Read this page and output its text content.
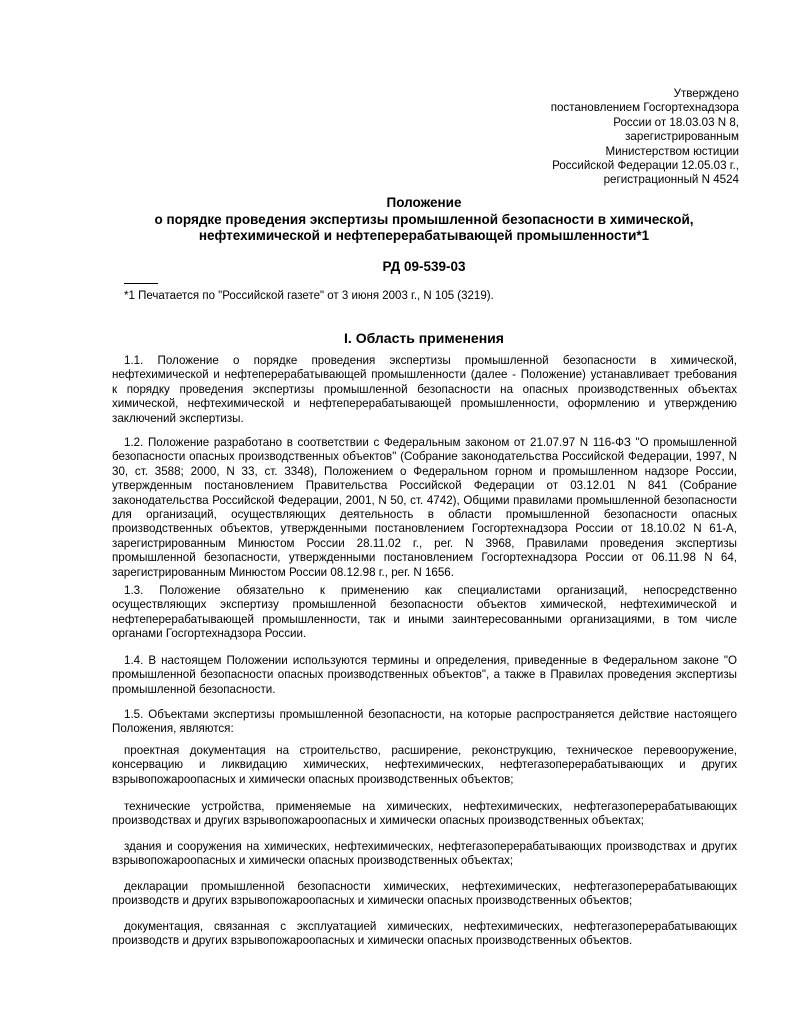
Утверждено
постановлением Госгортехнадзора
России от 18.03.03 N 8,
зарегистрированным
Министерством юстиции
Российской Федерации 12.05.03 г.,
регистрационный N 4524
Положение
о порядке проведения экспертизы промышленной безопасности в химической,
нефтехимической и нефтеперерабатывающей промышленности*1
РД 09-539-03
*1 Печатается по "Российской газете" от 3 июня 2003 г., N 105 (3219).
I. Область применения
1.1. Положение о порядке проведения экспертизы промышленной безопасности в химической,
нефтехимической и нефтеперерабатывающей промышленности (далее - Положение) устанавливает требования
к порядку проведения экспертизы промышленной безопасности на опасных производственных объектах
химической, нефтехимической и нефтеперерабатывающей промышленности, оформлению и утверждению
заключений экспертизы.
1.2. Положение разработано в соответствии с Федеральным законом от 21.07.97 N 116-ФЗ "О промышленной
безопасности опасных производственных объектов" (Собрание законодательства Российской Федерации, 1997, N
30, ст. 3588; 2000, N 33, ст. 3348), Положением о Федеральном горном и промышленном надзоре России,
утвержденным постановлением Правительства Российской Федерации от 03.12.01 N 841 (Собрание
законодательства Российской Федерации, 2001, N 50, ст. 4742), Общими правилами промышленной безопасности
для организаций, осуществляющих деятельность в области промышленной безопасности опасных
производственных объектов, утвержденными постановлением Госгортехнадзора России от 18.10.02 N 61-А,
зарегистрированным Минюстом России 28.11.02 г., рег. N 3968, Правилами проведения экспертизы
промышленной безопасности, утвержденными постановлением Госгортехнадзора России от 06.11.98 N 64,
зарегистрированным Минюстом России 08.12.98 г., рег. N 1656.
1.3. Положение обязательно к применению как специалистами организаций, непосредственно
осуществляющих экспертизу промышленной безопасности объектов химической, нефтехимической и
нефтеперерабатывающей промышленности, так и иными заинтересованными организациями, в том числе
органами Госгортехнадзора России.
1.4. В настоящем Положении используются термины и определения, приведенные в Федеральном законе "О
промышленной безопасности опасных производственных объектов", а также в Правилах проведения экспертизы
промышленной безопасности.
1.5. Объектами экспертизы промышленной безопасности, на которые распространяется действие настоящего
Положения, являются:
проектная документация на строительство, расширение, реконструкцию, техническое перевооружение,
консервацию и ликвидацию химических, нефтехимических, нефтегазоперерабатывающих и других
взрывопожароопасных и химически опасных производственных объектов;
технические устройства, применяемые на химических, нефтехимических, нефтегазоперерабатывающих
производствах и других взрывопожароопасных и химически опасных производственных объектах;
здания и сооружения на химических, нефтехимических, нефтегазоперерабатывающих производствах и других
взрывопожароопасных и химически опасных производственных объектах;
декларации промышленной безопасности химических, нефтехимических, нефтегазоперерабатывающих
производств и других взрывопожароопасных и химически опасных производственных объектов;
документация, связанная с эксплуатацией химических, нефтехимических, нефтегазоперерабатывающих
производств и других взрывопожароопасных и химически опасных производственных объектов.
